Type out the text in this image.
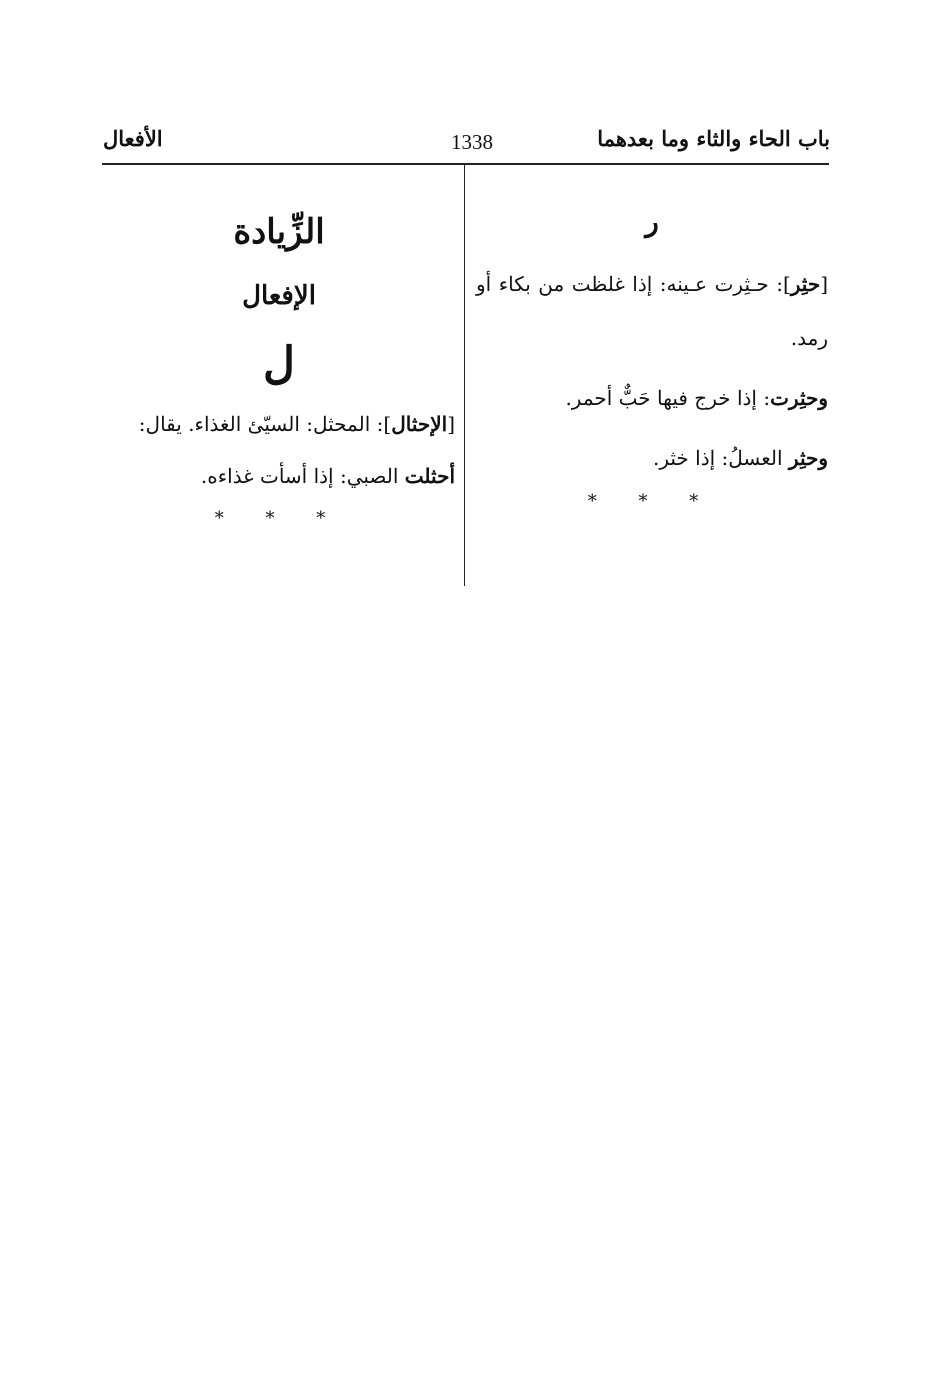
باب الحاء والثاء وما بعدهما
1338
الأفعال
ر
[حثِر]: حـثِرت عـينه: إذا غلظت من بكاء أو رمد.
وحثِرت: إذا خرج فيها حَبٌّ أحمر.
وحثِر العسلُ: إذا خثر.
* * *
الزِّيادة
الإفعال
ل
[الإحثال]: المحثل: السيّئ الغذاء. يقال:
أحثلت الصبي: إذا أسأت غذاءه.
* * *
